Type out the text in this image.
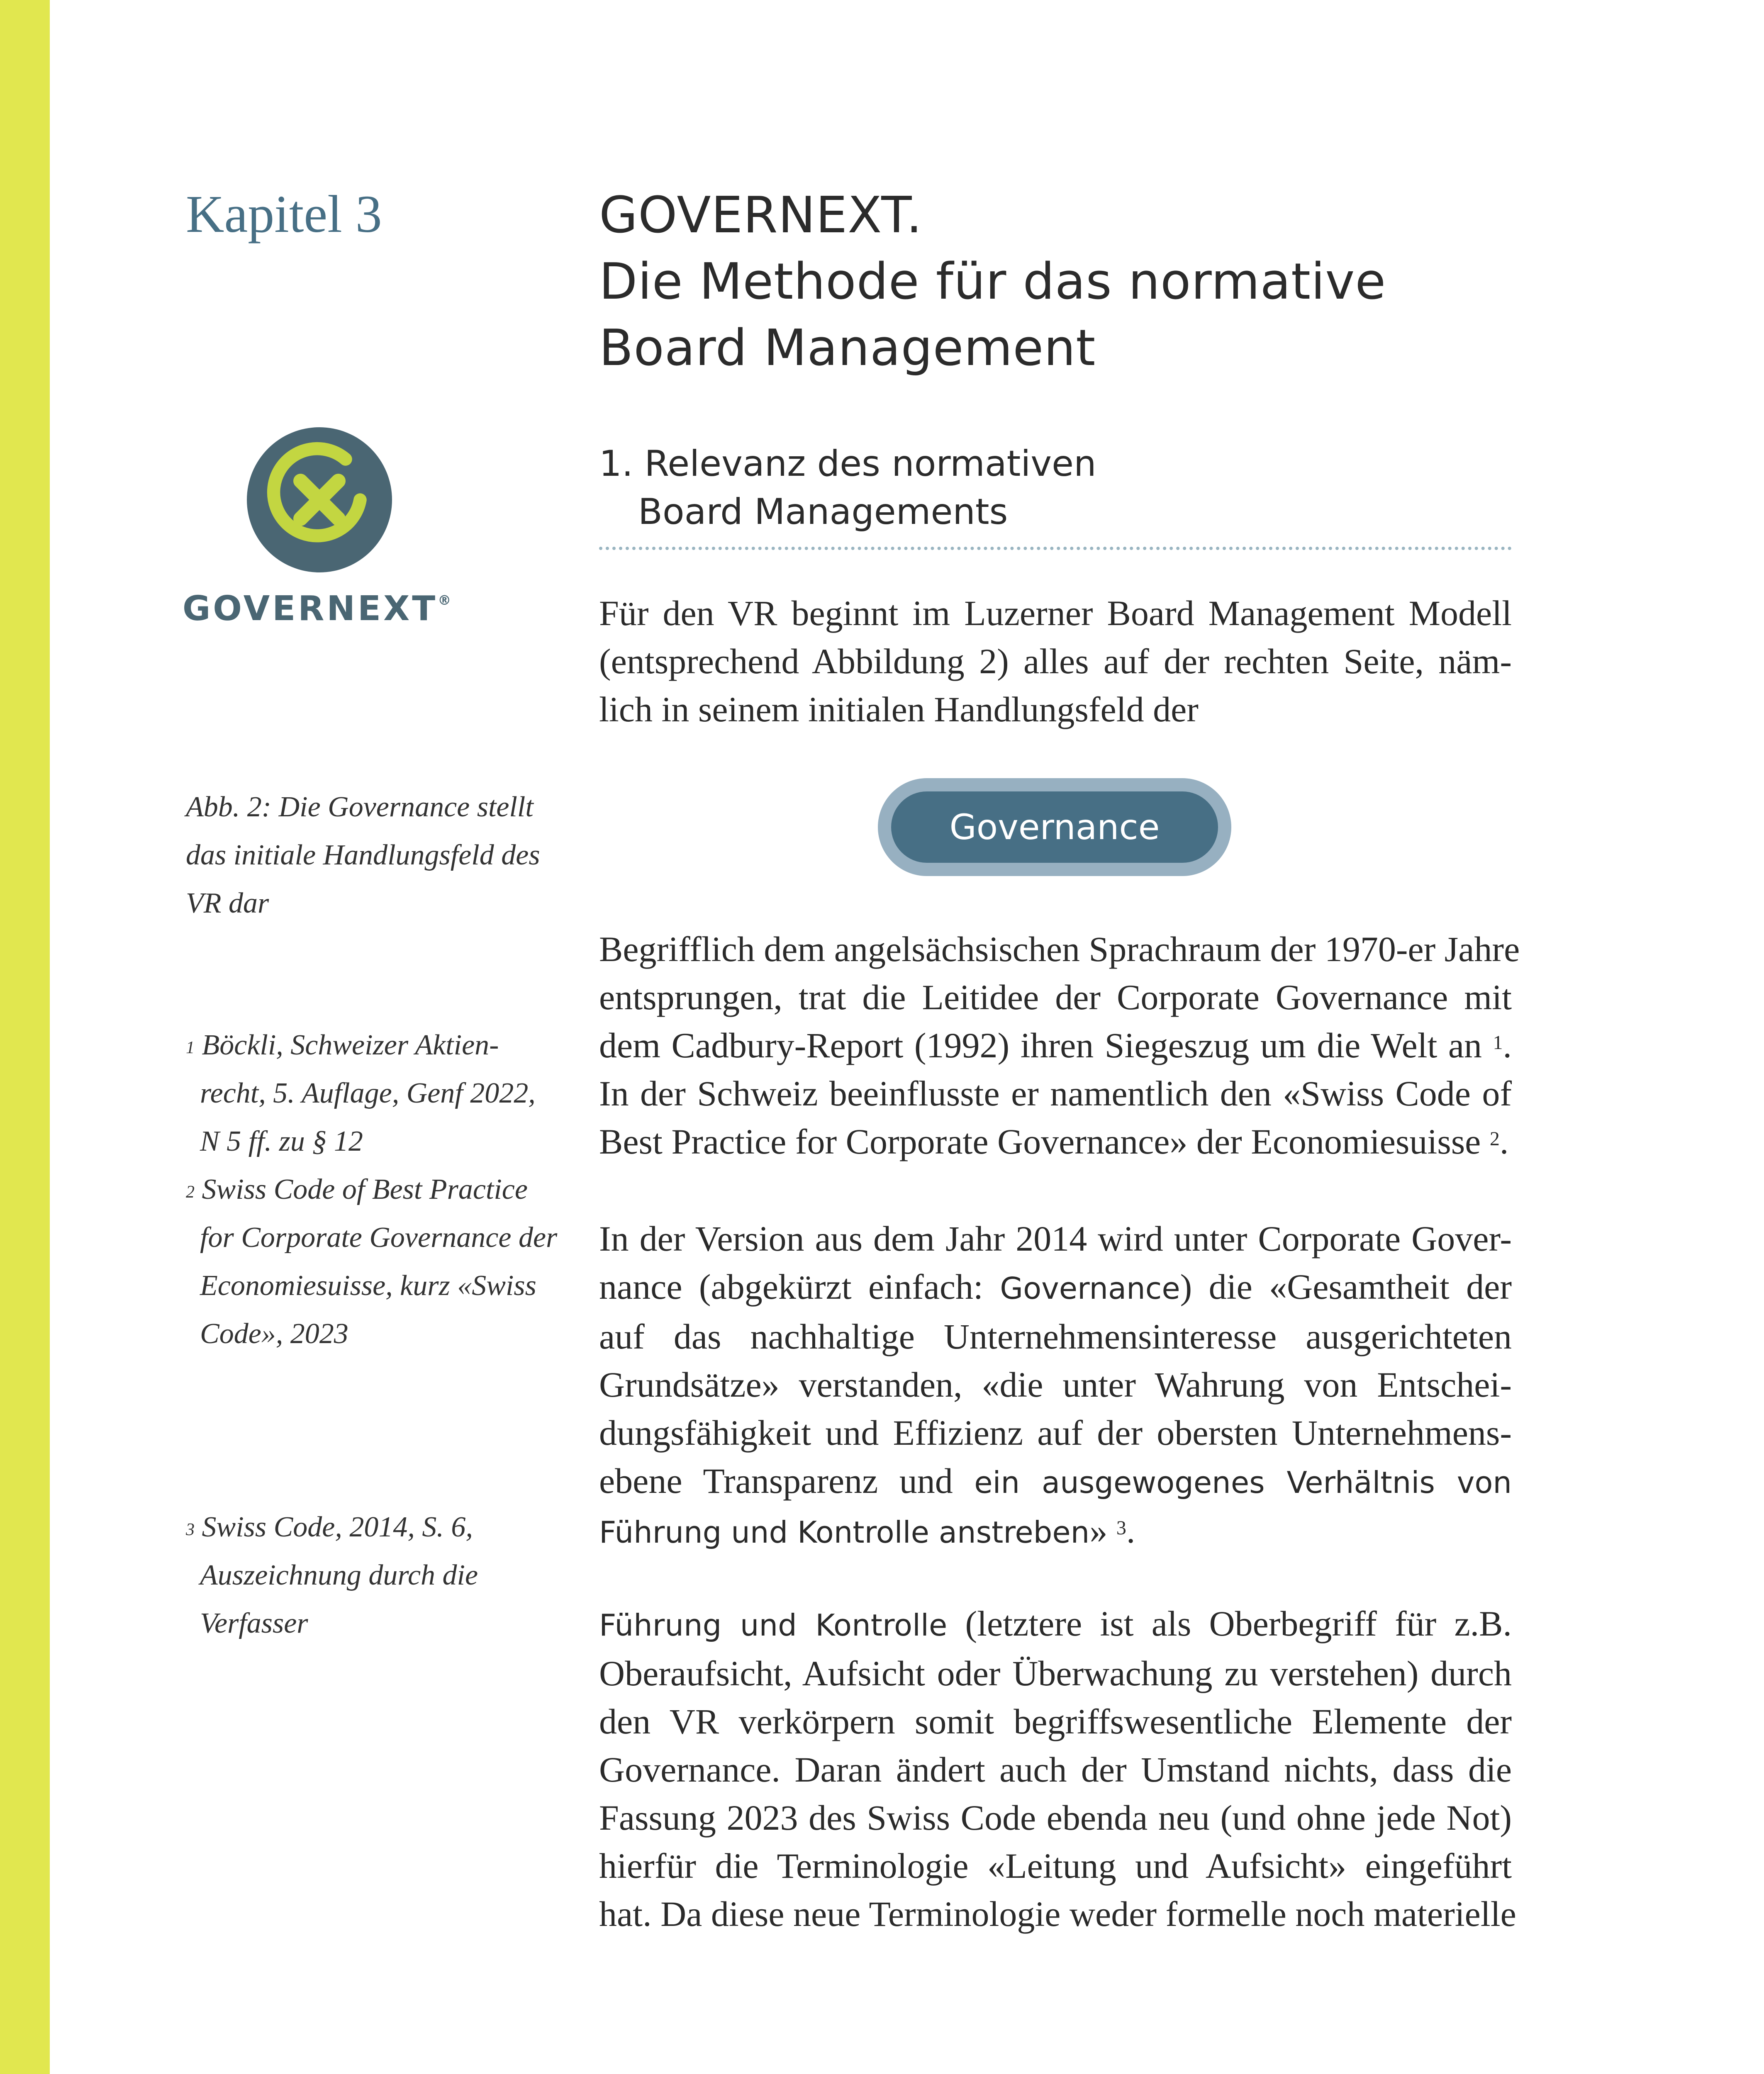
Kapitel 3	GOVERNEXT.
Die Methode für das normative
Board Management
GOVERNEXT®
1. Relevanz des normativen
Board Managements
Für den VR beginnt im Luzerner Board Management Modell
(entsprechend Abbildung 2) alles auf der rechten Seite, näm-
lich in seinem initialen Handlungsfeld der
Governance
Abb. 2: Die Governance stellt
das initiale Handlungsfeld des
VR dar
Begrifflich dem angelsächsischen Sprachraum der 1970-er Jahre
entsprungen, trat die Leitidee der Corporate Governance mit
dem Cadbury-Report (1992) ihren Siegeszug um die Welt an $^1$.
In der Schweiz beeinflusste er namentlich den «Swiss Code of
Best Practice for Corporate Governance» der Economiesuisse $^2$.
$^1$ Böckli, Schweizer Aktien-
recht, 5. Auflage, Genf 2022,
N 5 ff. zu § 12
$^2$ Swiss Code of Best Practice
for Corporate Governance der
Economiesuisse, kurz «Swiss
Code», 2023
In der Version aus dem Jahr 2014 wird unter Corporate Gover-
nance (abgekürzt einfach: Governance) die «Gesamtheit der
auf das nachhaltige Unternehmensinteresse ausgerichteten
Grundsätze» verstanden, «die unter Wahrung von Entschei-
dungsfähigkeit und Effizienz auf der obersten Unternehmens-
ebene Transparenz und ein ausgewogenes Verhältnis von
Führung und Kontrolle anstreben» $^3$.
$^3$ Swiss Code, 2014, S. 6,
Auszeichnung durch die
Verfasser	Führung und Kontrolle (letztere ist als Oberbegriff für z.B.
Oberaufsicht, Aufsicht oder Überwachung zu verstehen) durch
den VR verkörpern somit begriffswesentliche Elemente der
Governance. Daran ändert auch der Umstand nichts, dass die
Fassung 2023 des Swiss Code ebenda neu (und ohne jede Not)
hierfür die Terminologie «Leitung und Aufsicht» eingeführt
hat. Da diese neue Terminologie weder formelle noch materielle
